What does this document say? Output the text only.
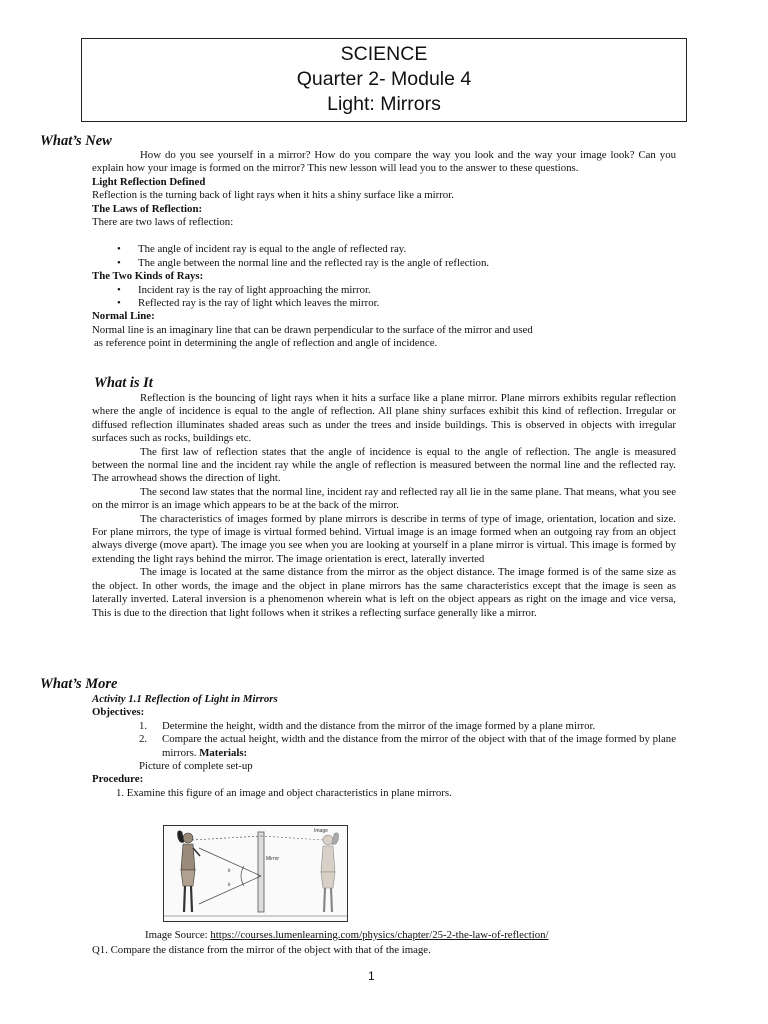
SCIENCE
Quarter 2- Module 4
Light: Mirrors
What’s New

How do you see yourself in a mirror? How do you compare the way you look and the way your image look? Can you explain how your image is formed on the mirror? This new lesson will lead you to the answer to these questions.

Light Reflection Defined

Reflection is the turning back of light rays when it hits a shiny surface like a mirror.

The Laws of Reflection:

There are two laws of reflection:

• The angle of incident ray is equal to the angle of reflected ray.
• The angle between the normal line and the reflected ray is the angle of reflection.

The Two Kinds of Rays:

• Incident ray is the ray of light approaching the mirror.
• Reflected ray is the ray of light which leaves the mirror.

Normal Line:

Normal line is an imaginary line that can be drawn perpendicular to the surface of the mirror and used

as reference point in determining the angle of reflection and angle of incidence.

What is It

Reflection is the bouncing of light rays when it hits a surface like a plane mirror. Plane mirrors exhibits regular reflection where the angle of incidence is equal to the angle of reflection. All plane shiny surfaces exhibit this kind of reflection. Irregular or diffused reflection illuminates shaded areas such as under the trees and inside buildings. This is observed in objects with irregular surfaces such as rocks, buildings etc.

The first law of reflection states that the angle of incidence is equal to the angle of reflection. The angle is measured between the normal line and the incident ray while the angle of reflection is measured between the normal line and the reflected ray. The arrowhead shows the direction of light.

The second law states that the normal line, incident ray and reflected ray all lie in the same plane. That means, what you see on the mirror is an image which appears to be at the back of the mirror.

The characteristics of images formed by plane mirrors is describe in terms of type of image, orientation, location and size. For plane mirrors, the type of image is virtual formed behind. Virtual image is an image formed when an outgoing ray from an object always diverge (move apart). The image you see when you are looking at yourself in a plane mirror is virtual. This image is formed by extending the light rays behind the mirror. The image orientation is erect, laterally inverted

The image is located at the same distance from the mirror as the object distance. The image formed is of the same size as the object. In other words, the image and the object in plane mirrors has the same characteristics except that the image is seen as laterally inverted. Lateral inversion is a phenomenon wherein what is left on the object appears as right on the image and vice versa, This is due to the direction that light follows when it strikes a reflecting surface generally like a mirror.

What’s More

Activity 1.1 Reflection of Light in Mirrors

Objectives:

1. Determine the height, width and the distance from the mirror of the image formed by a plane mirror.
2. Compare the actual height, width and the distance from the mirror of the object with that of the image formed by plane mirrors. Materials:

Picture of complete set-up

Procedure:

1. Examine this figure of an image and object characteristics in plane mirrors.

Image
Mirror
θ
θ
Image Source: https://courses.lumenlearning.com/physics/chapter/25-2-the-law-of-reflection/
Q1. Compare the distance from the mirror of the object with that of the image.
1
